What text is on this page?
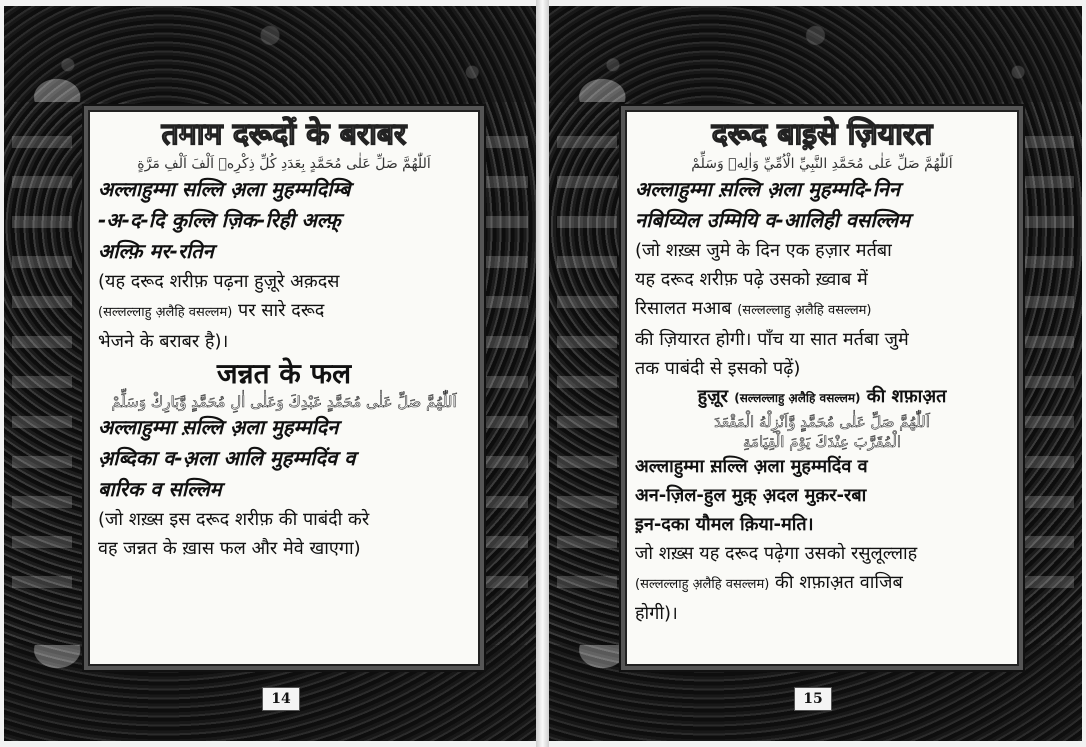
तमाम दरूदों के बराबर
اَللّٰهُمَّ صَلِّ عَلٰى مُحَمَّدٍ بِعَدَدِ كُلِّ ذِكْرِهٖ اَلْفَ اَلْفِ مَرَّةٍ
अल्लाहुम्मा सल्लि अ़ला मुहम्मदिम्बि
-अ-द-दि कुल्लि ज़िक-रिही अल्फ़्
अल्फ़ि मर-रतिन
(यह दरूद शरीफ़ पढ़ना हुज़ूरे अक़दस
(सल्लल्लाहु अ़लैहि वसल्लम) पर सारे दरूद
भेजने के बराबर है)।
जन्नत के फल
اَللّٰهُمَّ صَلِّ عَلٰى مُحَمَّدٍ عَبْدِكَ وَعَلٰى اٰلِ مُحَمَّدٍ وَّبَارِكْ وَسَلِّمْ
अल्लाहुम्मा स़ल्लि अ़ला मुहम्मदिन
अ़ब्दिका व-अ़ला आलि मुहम्मदिंव व
बारिक व सल्लिम
(जो शख़्स इस दरूद शरीफ़ की पाबंदी करे
वह जन्नत के ख़ास फल और मेवे खाएगा)
14
दरूद बाइ़से ज़ियारत
اَللّٰهُمَّ صَلِّ عَلٰى مُحَمَّدِ النَّبِيِّ الْاُمِّيِّ وَاٰلِهٖ وَسَلِّمْ
अल्लाहुम्मा स़ल्लि अ़ला मुहम्मदि-निन
नबिय्यिल उम्मियि व-आलिही वसल्लिम
(जो शख़्स जुमे के दिन एक हज़ार मर्तबा
यह दरूद शरीफ़ पढ़े उसको ख़्वाब में
रिसालत मआब (सल्लल्लाहु अ़लैहि वसल्लम)
की ज़ियारत होगी। पाँच या सात मर्तबा जुमे
तक पाबंदी से इसको पढ़ें)
हुज़ूर (सल्लल्लाहु अ़लैहि वसल्लम) की शफ़ाअ़त
اَللّٰهُمَّ صَلِّ عَلٰى مُحَمَّدٍ وَّاَنْزِلْهُ الْمَقْعَدَ
الْمُقَرَّبَ عِنْدَكَ يَوْمَ الْقِيَامَةِ
अल्लाहुम्मा स़ल्लि अ़ला मुहम्मदिंव व
अन-ज़िल-हुल मुक़् अ़दल मुक़र-रबा
इ़न-दका यौमल क़िया-मति।
जो शख़्स यह दरूद पढ़ेगा उसको रसुलूल्लाह
(सल्लल्लाहु अ़लैहि वसल्लम) की शफ़ाअ़त वाजिब
होगी)।
15
